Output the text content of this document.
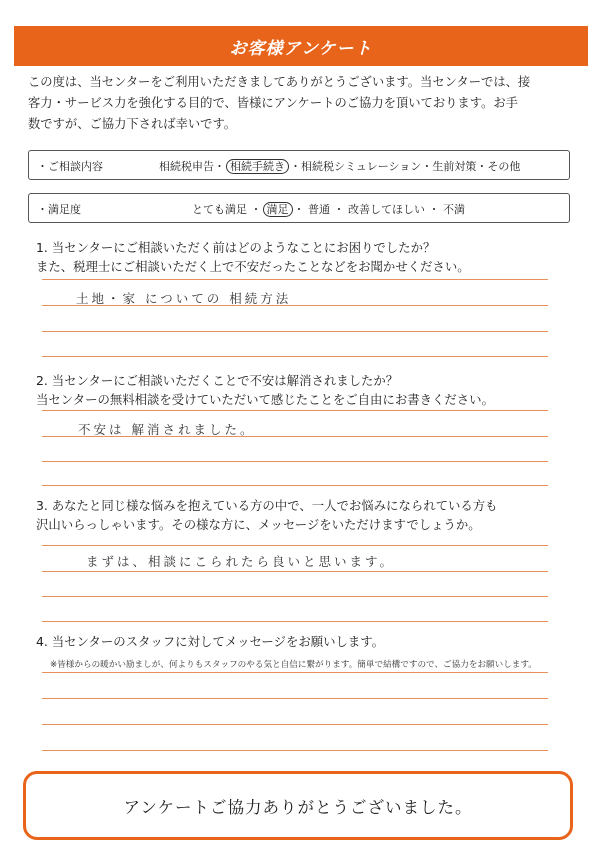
お客様アンケート
この度は、当センターをご利用いただきましてありがとうございます。当センターでは、接
客力・サービス力を強化する目的で、皆様にアンケートのご協力を頂いております。お手
数ですが、ご協力下されば幸いです。
・ご相談内容	相続税申告・ 相続手続き ・相続税シミュレーション・生前対策・その他
・満足度	とても満足 ・ 満足 ・ 普通 ・ 改善してほしい ・ 不満
1. 当センターにご相談いただく前はどのようなことにお困りでしたか？
また、税理士にご相談いただく上で不安だったことなどをお聞かせください。
土地・家 についての 相続方法
2. 当センターにご相談いただくことで不安は解消されましたか？
当センターの無料相談を受けていただいて感じたことをご自由にお書きください。
不安は 解消されました。
3. あなたと同じ様な悩みを抱えている方の中で、一人でお悩みになられている方も
沢山いらっしゃいます。その様な方に、メッセージをいただけますでしょうか。
まずは、相談にこられたら良いと思います。
4. 当センターのスタッフに対してメッセージをお願いします。
※皆様からの暖かい励ましが、何よりもスタッフのやる気と自信に繋がります。簡単で結構ですので、ご協力をお願いします。
アンケートご協力ありがとうございました。
